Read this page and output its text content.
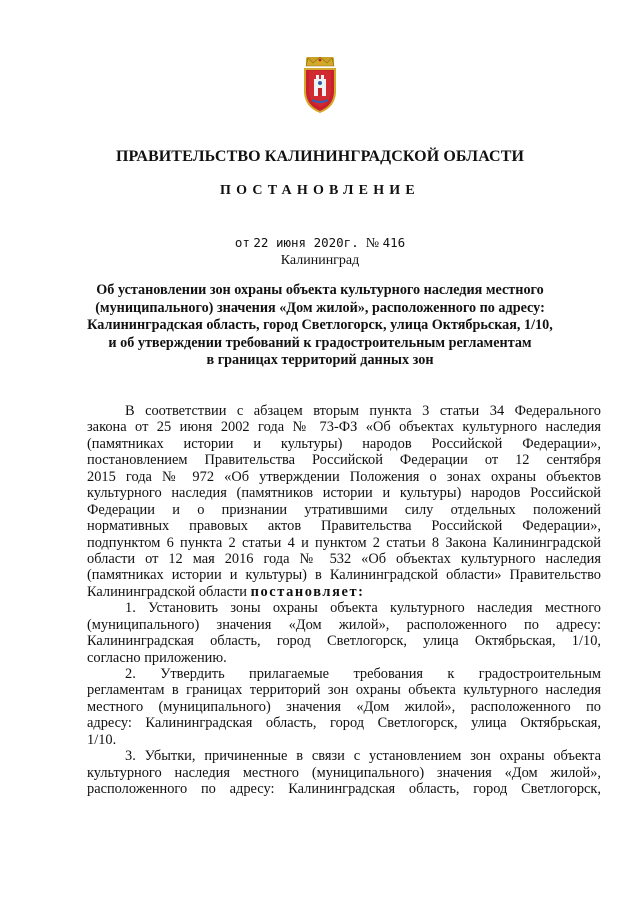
ПРАВИТЕЛЬСТВО КАЛИНИНГРАДСКОЙ ОБЛАСТИ
ПОСТАНОВЛЕНИЕ
от 22 июня 2020г. № 416
Калининград
Об установлении зон охраны объекта культурного наследия местного
(муниципального) значения «Дом жилой», расположенного по адресу:
Калининградская область, город Светлогорск, улица Октябрьская, 1/10,
и об утверждении требований к градостроительным регламентам
в границах территорий данных зон
В соответствии с абзацем вторым пункта 3 статьи 34 Федерального
закона от 25 июня 2002 года № 73-ФЗ «Об объектах культурного наследия
(памятниках истории и культуры) народов Российской Федерации»,
постановлением Правительства Российской Федерации от 12 сентября
2015 года № 972 «Об утверждении Положения о зонах охраны объектов
культурного наследия (памятников истории и культуры) народов Российской
Федерации и о признании утратившими силу отдельных положений
нормативных правовых актов Правительства Российской Федерации»,
подпунктом 6 пункта 2 статьи 4 и пунктом 2 статьи 8 Закона Калининградской
области от 12 мая 2016 года № 532 «Об объектах культурного наследия
(памятниках истории и культуры) в Калининградской области» Правительство
Калининградской области постановляет:
1. Установить зоны охраны объекта культурного наследия местного
(муниципального) значения «Дом жилой», расположенного по адресу:
Калининградская область, город Светлогорск, улица Октябрьская, 1/10,
согласно приложению.
2. Утвердить прилагаемые требования к градостроительным
регламентам в границах территорий зон охраны объекта культурного наследия
местного (муниципального) значения «Дом жилой», расположенного по
адресу: Калининградская область, город Светлогорск, улица Октябрьская,
1/10.
3. Убытки, причиненные в связи с установлением зон охраны объекта
культурного наследия местного (муниципального) значения «Дом жилой»,
расположенного по адресу: Калининградская область, город Светлогорск,
